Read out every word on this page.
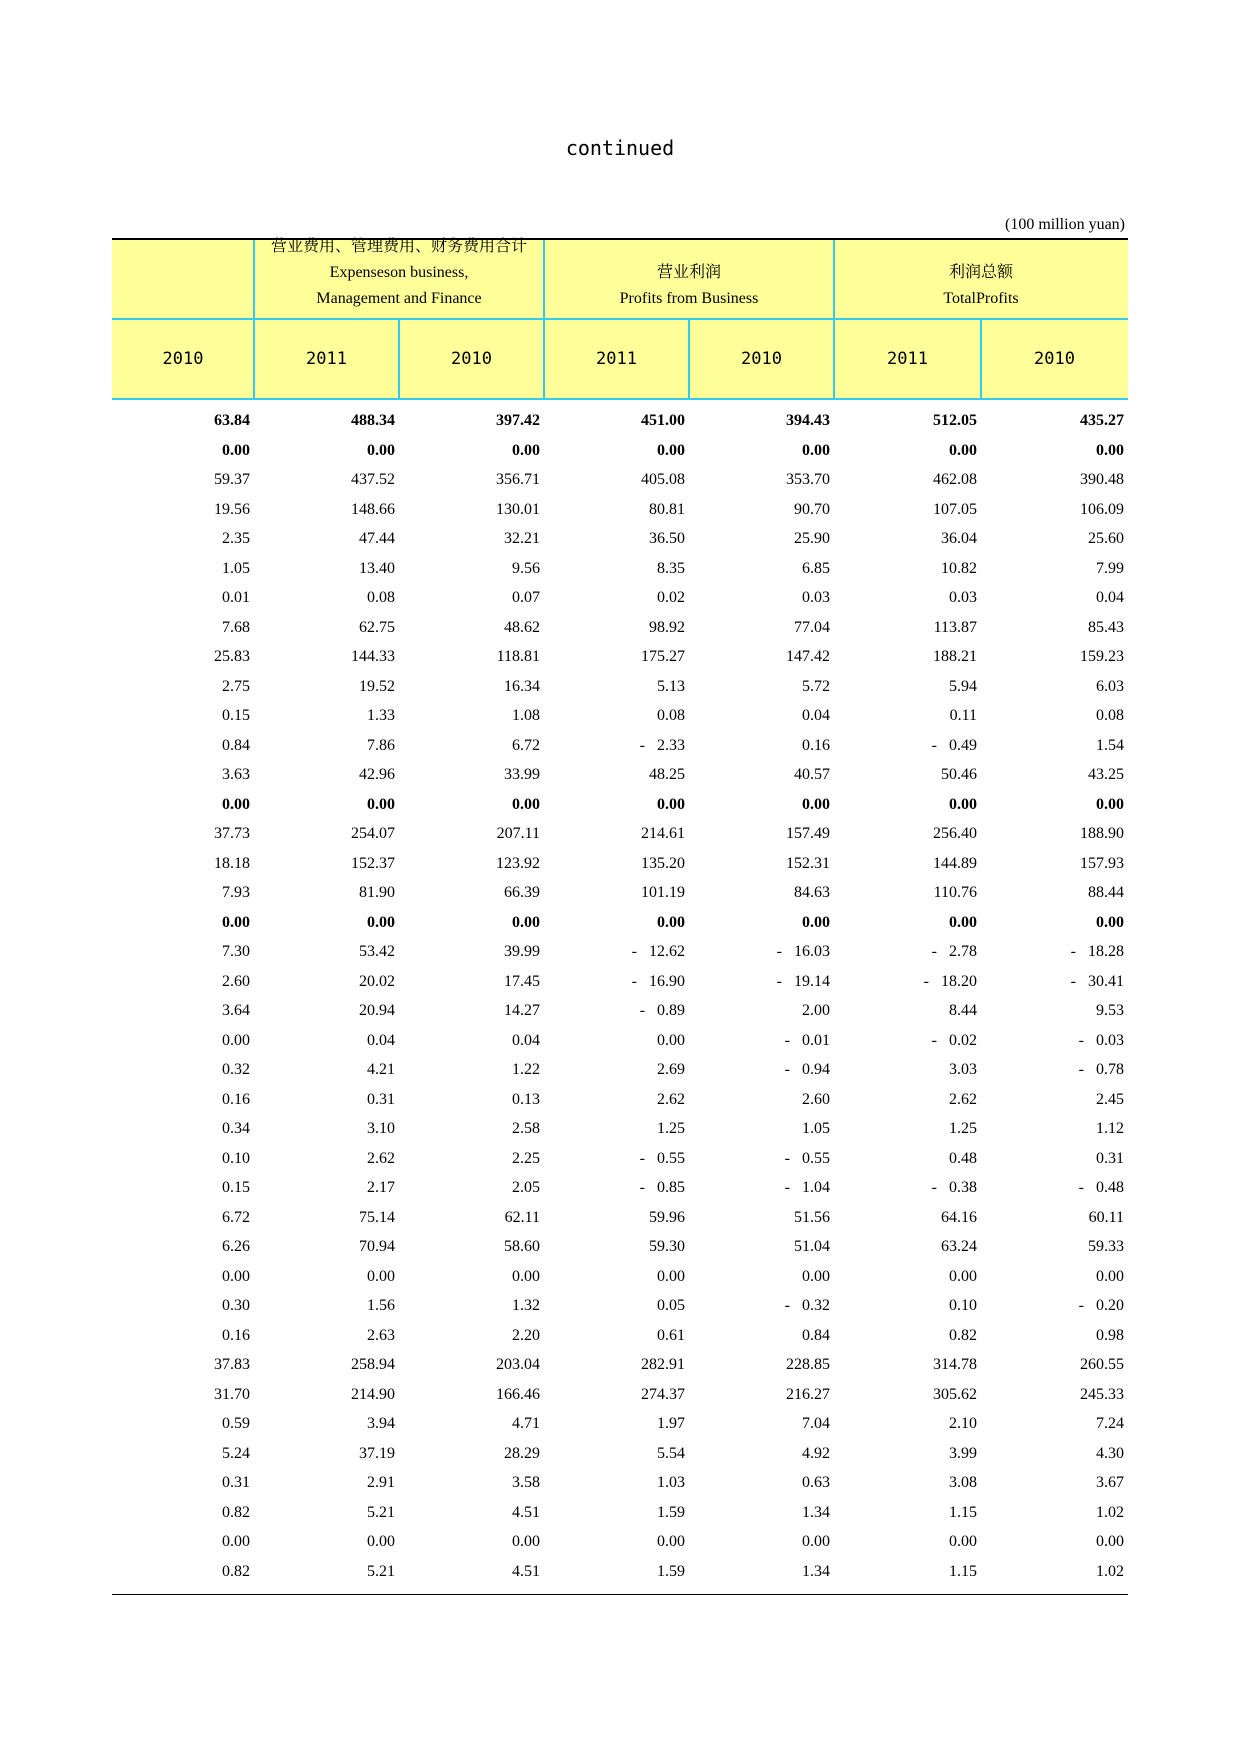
continued
(100 million yuan)
营业费用、管理费用、财务费用合计
Expenseson business,
Management and Finance
营业利润
Profits from Business
利润总额
TotalProfits
2010	2011	2010	2011	2010	2011	2010
63.84	488.34	397.42	451.00	394.43	512.05	435.27
0.00	0.00	0.00	0.00	0.00	0.00	0.00
59.37	437.52	356.71	405.08	353.70	462.08	390.48
19.56	148.66	130.01	80.81	90.70	107.05	106.09
2.35	47.44	32.21	36.50	25.90	36.04	25.60
1.05	13.40	9.56	8.35	6.85	10.82	7.99
0.01	0.08	0.07	0.02	0.03	0.03	0.04
7.68	62.75	48.62	98.92	77.04	113.87	85.43
25.83	144.33	118.81	175.27	147.42	188.21	159.23
2.75	19.52	16.34	5.13	5.72	5.94	6.03
0.15	1.33	1.08	0.08	0.04	0.11	0.08
0.84	7.86	6.72	- 2.33	0.16	- 0.49	1.54
3.63	42.96	33.99	48.25	40.57	50.46	43.25
0.00	0.00	0.00	0.00	0.00	0.00	0.00
37.73	254.07	207.11	214.61	157.49	256.40	188.90
18.18	152.37	123.92	135.20	152.31	144.89	157.93
7.93	81.90	66.39	101.19	84.63	110.76	88.44
0.00	0.00	0.00	0.00	0.00	0.00	0.00
7.30	53.42	39.99	- 12.62	- 16.03	- 2.78	- 18.28
2.60	20.02	17.45	- 16.90	- 19.14	- 18.20	- 30.41
3.64	20.94	14.27	- 0.89	2.00	8.44	9.53
0.00	0.04	0.04	0.00	- 0.01	- 0.02	- 0.03
0.32	4.21	1.22	2.69	- 0.94	3.03	- 0.78
0.16	0.31	0.13	2.62	2.60	2.62	2.45
0.34	3.10	2.58	1.25	1.05	1.25	1.12
0.10	2.62	2.25	- 0.55	- 0.55	0.48	0.31
0.15	2.17	2.05	- 0.85	- 1.04	- 0.38	- 0.48
6.72	75.14	62.11	59.96	51.56	64.16	60.11
6.26	70.94	58.60	59.30	51.04	63.24	59.33
0.00	0.00	0.00	0.00	0.00	0.00	0.00
0.30	1.56	1.32	0.05	- 0.32	0.10	- 0.20
0.16	2.63	2.20	0.61	0.84	0.82	0.98
37.83	258.94	203.04	282.91	228.85	314.78	260.55
31.70	214.90	166.46	274.37	216.27	305.62	245.33
0.59	3.94	4.71	1.97	7.04	2.10	7.24
5.24	37.19	28.29	5.54	4.92	3.99	4.30
0.31	2.91	3.58	1.03	0.63	3.08	3.67
0.82	5.21	4.51	1.59	1.34	1.15	1.02
0.00	0.00	0.00	0.00	0.00	0.00	0.00
0.82	5.21	4.51	1.59	1.34	1.15	1.02
